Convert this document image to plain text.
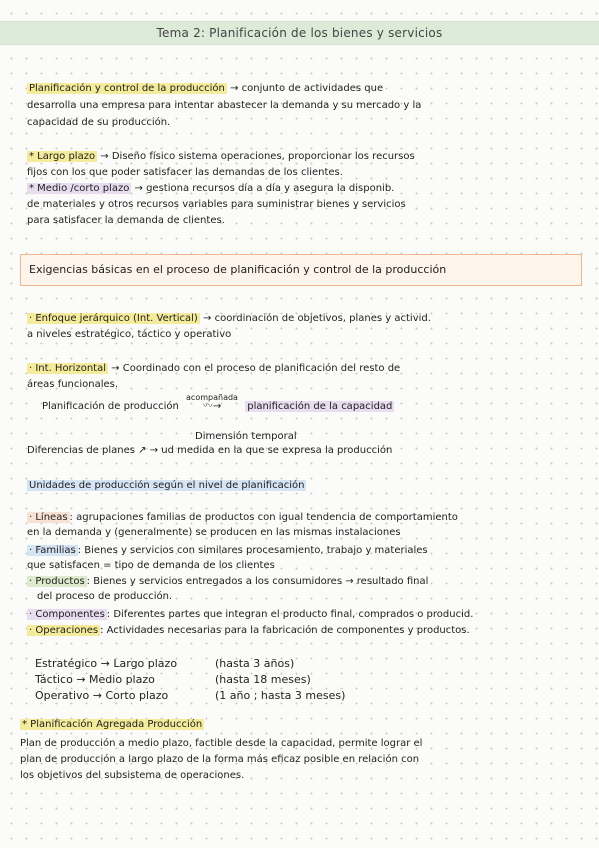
Tema 2: Planificación de los bienes y servicios
Planificación y control de la producción → conjunto de actividades que
desarrolla una empresa para intentar abastecer la demanda y su mercado y la
capacidad de su producción.
* Largo plazo → Diseño físico sistema operaciones, proporcionar los recursos
fijos con los que poder satisfacer las demandas de los clientes.
* Medio /corto plazo → gestiona recursos día a día y asegura la disponib.
de materiales y otros recursos variables para suministrar bienes y servicios
para satisfacer la demanda de clientes.
Exigencias básicas en el proceso de planificación y control de la producción
· Enfoque jerárquico (Int. Vertical) → coordinación de objetivos, planes y activid.
a niveles estratégico, táctico y operativo
· Int. Horizontal → Coordinado con el proceso de planificación del resto de
áreas funcionales.
Planificación de producción
acompañada
〰→	planificación de la capacidad
Dimensión temporal
Diferencias de planes ↗ → ud medida en la que se expresa la producción
Unidades de producción según el nivel de planificación
· Líneas : agrupaciones familias de productos con igual tendencia de comportamiento
en la demanda y (generalmente) se producen en las mismas instalaciones
· Familias : Bienes y servicios con similares procesamiento, trabajo y materiales
que satisfacen = tipo de demanda de los clientes
· Productos : Bienes y servicios entregados a los consumidores → resultado final
del proceso de producción.
· Componentes : Diferentes partes que integran el producto final, comprados o producid.
· Operaciones : Actividades necesarias para la fabricación de componentes y productos.
Estratégico → Largo plazo	(hasta 3 años)
Táctico → Medio plazo	(hasta 18 meses)
Operativo → Corto plazo	(1 año ; hasta 3 meses)
* Planificación Agregada Producción
Plan de producción a medio plazo, factible desde la capacidad, permite lograr el
plan de producción a largo plazo de la forma más eficaz posible en relación con
los objetivos del subsistema de operaciones.
